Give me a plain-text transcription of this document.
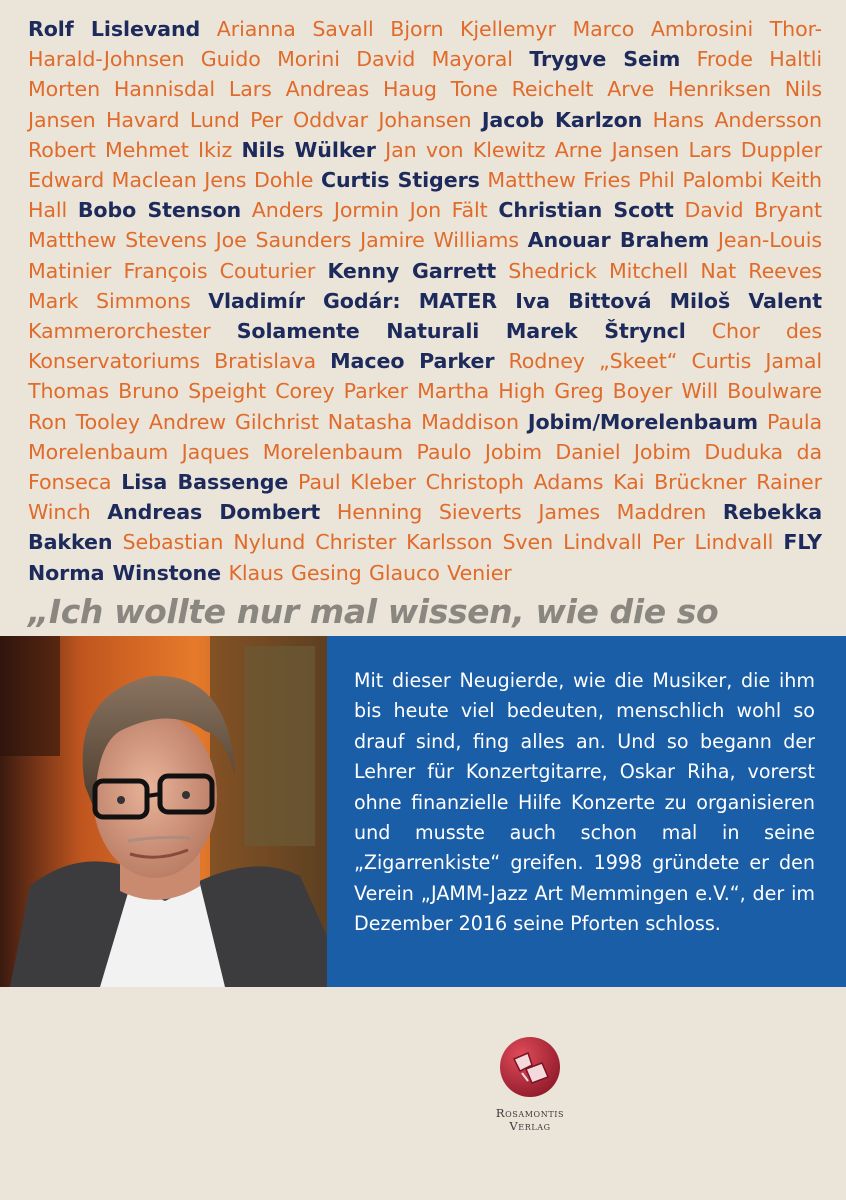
Rolf Lislevand Arianna Savall Bjorn Kjellemyr Marco Ambrosini Thor-Harald-Johnsen Guido Morini David Mayoral Trygve Seim Frode Haltli Morten Hannisdal Lars Andreas Haug Tone Reichelt Arve Henriksen Nils Jansen Havard Lund Per Oddvar Johansen Jacob Karlzon Hans Andersson Robert Mehmet Ikiz Nils Wülker Jan von Klewitz Arne Jansen Lars Duppler Edward Maclean Jens Dohle Curtis Stigers Matthew Fries Phil Palombi Keith Hall Bobo Stenson Anders Jormin Jon Fält Christian Scott David Bryant Matthew Stevens Joe Saunders Jamire Williams Anouar Brahem Jean-Louis Matinier François Couturier Kenny Garrett Shedrick Mitchell Nat Reeves Mark Simmons Vladimír Godár: MATER Iva Bittová Miloš Valent Kammerorchester Solamente Naturali Marek Štryncl Chor des Konservatoriums Bratislava Maceo Parker Rodney „Skeet“ Curtis Jamal Thomas Bruno Speight Corey Parker Martha High Greg Boyer Will Boulware Ron Tooley Andrew Gilchrist Natasha Maddison Jobim/Morelenbaum Paula Morelenbaum Jaques Morelenbaum Paulo Jobim Daniel Jobim Duduka da Fonseca Lisa Bassenge Paul Kleber Christoph Adams Kai Brückner Rainer Winch Andreas Dombert Henning Sieverts James Maddren Rebekka Bakken Sebastian Nylund Christer Karlsson Sven Lindvall Per Lindvall FLY Norma Winstone Klaus Gesing Glauco Venier
„Ich wollte nur mal wissen, wie die so

Mit dieser Neugierde, wie die Musiker, die ihm bis heute viel bedeuten, menschlich wohl so drauf sind, fing alles an. Und so begann der Lehrer für Konzertgitarre, Oskar Riha, vorerst ohne finanzielle Hilfe Konzerte zu organisieren und musste auch schon mal in seine „Zigarrenkiste“ greifen. 1998 gründete er den Verein „JAMM-Jazz Art Memmingen e.V.“, der im Dezember 2016 seine Pforten schloss.

Rosamontis
Verlag
